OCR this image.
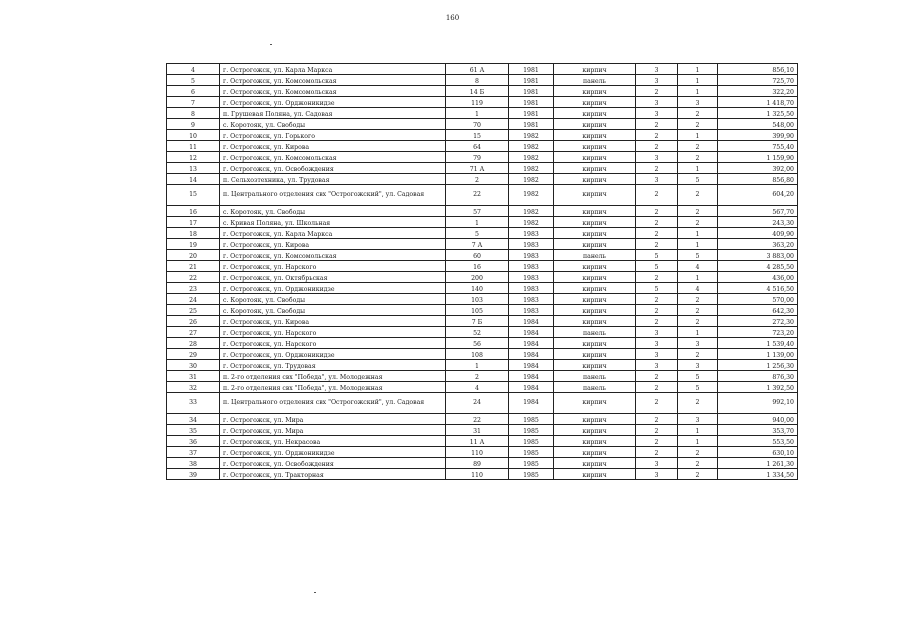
160
4	г. Острогожск, ул. Карла Маркса	61 А	1981	кирпич	3	1	856,10
5	г. Острогожск, ул. Комсомольская	8	1981	панель	3	1	725,70
6	г. Острогожск, ул. Комсомольская	14 Б	1981	кирпич	2	1	322,20
7	г. Острогожск, ул. Орджоникидзе	119	1981	кирпич	3	3	1 418,70
8	п. Грушевая Поляна, ул. Садовая	1	1981	кирпич	3	2	1 325,50
9	с. Коротояк, ул. Свободы	70	1981	кирпич	2	2	548,00
10	г. Острогожск, ул. Горького	15	1982	кирпич	2	1	399,90
11	г. Острогожск, ул. Кирова	64	1982	кирпич	2	2	755,40
12	г. Острогожск, ул. Комсомольская	79	1982	кирпич	3	2	1 159,90
13	г. Острогожск, ул. Освобождения	71 А	1982	кирпич	2	1	392,00
14	п. Сельхозтехника, ул. Трудовая	2	1982	кирпич	3	5	856,80
15	п. Центрального отделения свх "Острогожский", ул. Садовая	22	1982	кирпич	2	2	604,20
16	с. Коротояк, ул. Свободы	57	1982	кирпич	2	2	567,70
17	с. Кривая Поляна, ул. Школьная	1	1982	кирпич	2	2	243,30
18	г. Острогожск, ул. Карла Маркса	5	1983	кирпич	2	1	409,90
19	г. Острогожск, ул. Кирова	7 А	1983	кирпич	2	1	363,20
20	г. Острогожск, ул. Комсомольская	60	1983	панель	5	5	3 883,00
21	г. Острогожск, ул. Нарского	16	1983	кирпич	5	4	4 285,50
22	г. Острогожск, ул. Октябрьская	200	1983	кирпич	2	1	436,00
23	г. Острогожск, ул. Орджоникидзе	140	1983	кирпич	5	4	4 516,50
24	с. Коротояк, ул. Свободы	103	1983	кирпич	2	2	570,00
25	с. Коротояк, ул. Свободы	105	1983	кирпич	2	2	642,30
26	г. Острогожск, ул. Кирова	7 Б	1984	кирпич	2	2	272,30
27	г. Острогожск, ул. Нарского	52	1984	панель	3	1	723,20
28	г. Острогожск, ул. Нарского	56	1984	кирпич	3	3	1 539,40
29	г. Острогожск, ул. Орджоникидзе	108	1984	кирпич	3	2	1 139,00
30	г. Острогожск, ул. Трудовая	1	1984	кирпич	3	3	1 256,30
31	п. 2-го отделения свх "Победа", ул. Молодежная	2	1984	панель	2	5	876,30
32	п. 2-го отделения свх "Победа", ул. Молодежная	4	1984	панель	2	5	1 392,50
33	п. Центрального отделения свх "Острогожский", ул. Садовая	24	1984	кирпич	2	2	992,10
34	г. Острогожск, ул. Мира	22	1985	кирпич	2	3	940,00
35	г. Острогожск, ул. Мира	31	1985	кирпич	2	1	353,70
36	г. Острогожск, ул. Некрасова	11 А	1985	кирпич	2	1	553,50
37	г. Острогожск, ул. Орджоникидзе	110	1985	кирпич	2	2	630,10
38	г. Острогожск, ул. Освобождения	89	1985	кирпич	3	2	1 261,30
39	г. Острогожск, ул. Тракторная	110	1985	кирпич	3	2	1 334,50
